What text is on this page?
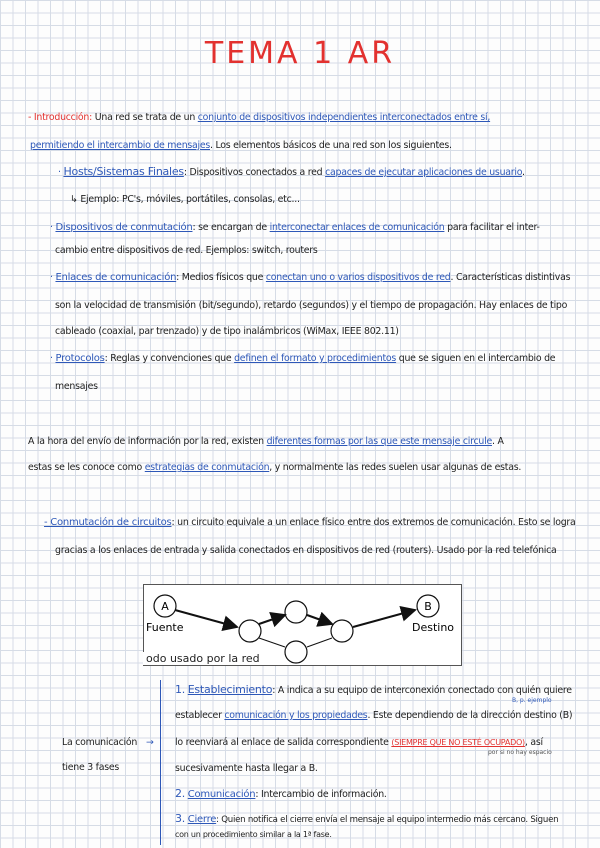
TEMA 1 AR
- Introducción: Una red se trata de un conjunto de dispositivos independientes interconectados entre sí,
permitiendo el intercambio de mensajes. Los elementos básicos de una red son los siguientes.
· Hosts/Sistemas Finales: Dispositivos conectados a red capaces de ejecutar aplicaciones de usuario.
↳ Ejemplo: PC's, móviles, portátiles, consolas, etc...
· Dispositivos de conmutación: se encargan de interconectar enlaces de comunicación para facilitar el inter-
cambio entre dispositivos de red. Ejemplos: switch, routers
· Enlaces de comunicación: Medios físicos que conectan uno o varios dispositivos de red. Características distintivas
son la velocidad de transmisión (bit/segundo), retardo (segundos) y el tiempo de propagación. Hay enlaces de tipo
cableado (coaxial, par trenzado) y de tipo inalámbricos (WiMax, IEEE 802.11)
· Protocolos: Reglas y convenciones que definen el formato y procedimientos que se siguen en el intercambio de
mensajes
A la hora del envío de información por la red, existen diferentes formas por las que este mensaje circule. A
estas se les conoce como estrategias de conmutación, y normalmente las redes suelen usar algunas de estas.
- Conmutación de circuitos: un circuito equivale a un enlace físico entre dos extremos de comunicación. Esto se logra
gracias a los enlaces de entrada y salida conectados en dispositivos de red (routers). Usado por la red telefónica
A	B
Fuente	Destino
odo usado por la red
La comunicación
tiene 3 fases
→
1. Establecimiento: A indica a su equipo de interconexión conectado con quién quiere
B, p. ejemplo
establecer comunicación y los propiedades. Este dependiendo de la dirección destino (B)
lo reenviará al enlace de salida correspondiente (SIEMPRE QUE NO ESTÉ OCUPADO), así
por si no hay espacio
sucesivamente hasta llegar a B.
2. Comunicación: Intercambio de información.
3. Cierre: Quien notifica el cierre envía el mensaje al equipo intermedio más cercano. Siguen
con un procedimiento similar a la 1ª fase.
